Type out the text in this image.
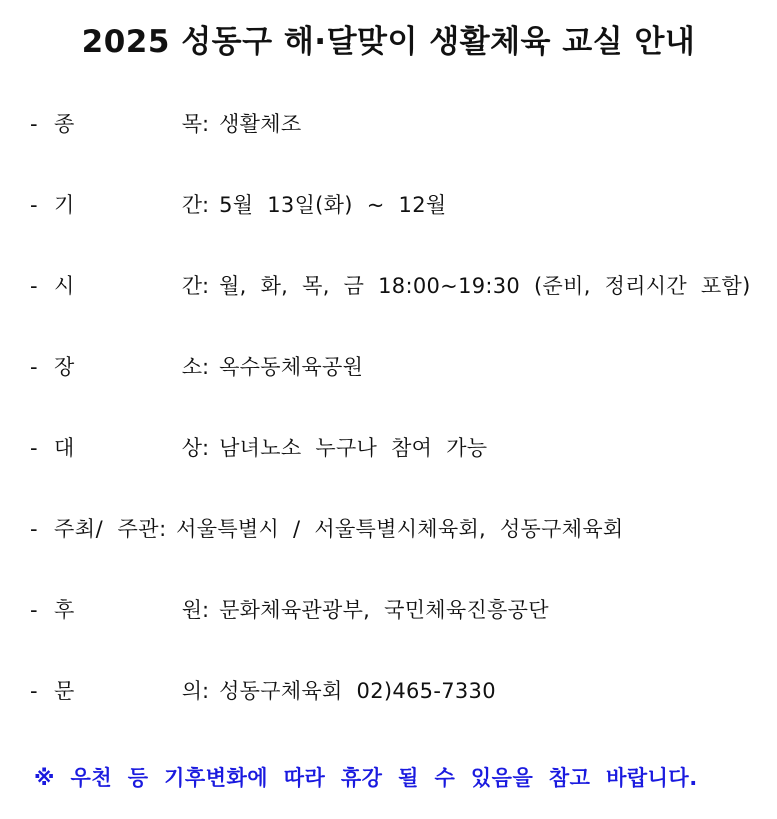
2025 성동구 해·달맞이 생활체육 교실 안내
- 종	목 : 생활체조
- 기	간 : 5월  13일(화)  ~  12월
- 시	간 : 월,  화,  목,  금  18:00~19:30  (준비,  정리시간  포함)
- 장	소 : 옥수동체육공원
- 대	상 : 남녀노소  누구나  참여  가능
- 주최/  주관 : 서울특별시  /  서울특별시체육회,  성동구체육회
- 후	원 : 문화체육관광부,  국민체육진흥공단
- 문	의 : 성동구체육회  02)465-7330
※  우천  등  기후변화에  따라  휴강  될  수  있음을  참고  바랍니다.
